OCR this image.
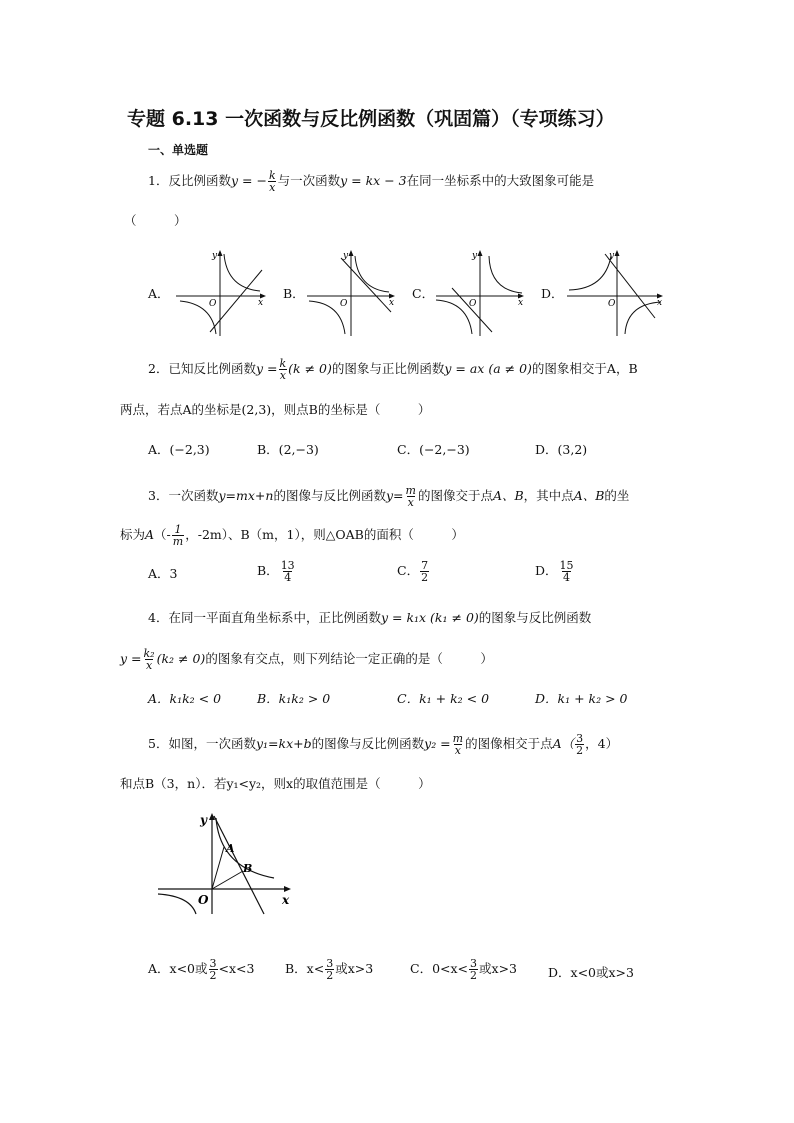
专题 6.13 一次函数与反比例函数（巩固篇）（专项练习）
一、单选题
1．反比例函数y = − $\frac{k}{x}$ 与一次函数y = kx − 3在同一坐标系中的大致图象可能是
（　　　）
A．	B．	C．	D．
y
x
O
y
x
O
y
x
O
y
x
O
2．已知反比例函数$y = \frac{k}{x} (k \ne 0)$的图象与正比例函数y = ax (a ≠ 0)的图象相交于A，B
两点，若点A的坐标是(2,3)，则点B的坐标是（　　　）
A．(−2,3)	B．(2,−3)	C．(−2,−3)	D．(3,2)
3．一次函数y=mx+n的图像与反比例函数$y= \frac{m}{x}$ 的图像交于点A、B，其中点A、B的坐
标为$A(- \frac{1}{m}$ ，-2m）、B（m，1），则△OAB的面积（　　　）
A．3	B． $\frac{13}{4}$	C． $\frac{7}{2}$	D． $\frac{15}{4}$
4．在同一平面直角坐标系中，正比例函数y = k₁x (k₁ ≠ 0)的图象与反比例函数
$y = \frac{\text{k₂}}{x} (k_2 \ne 0)$的图象有交点，则下列结论一定正确的是（　　　）
A．k₁k₂ < 0	B．k₁k₂ > 0	C．k₁ + k₂ < 0	D．k₁ + k₂ > 0
5．如图，一次函数y₁=kx+b的图像与反比例函数$y_2 = \frac{m}{x}$ 的图像相交于点$A( \frac{3}{2}$ ，4）
和点B（3，n）．若y₁<y₂，则x的取值范围是（　　　）
y
x
O
A
B
A．x<0或 $\frac{3}{2} <x<3$ B．$x< \frac{3}{2}$ 或x>3	C．$0<x< \frac{3}{2}$ 或x>3 D．x<0或x>3
